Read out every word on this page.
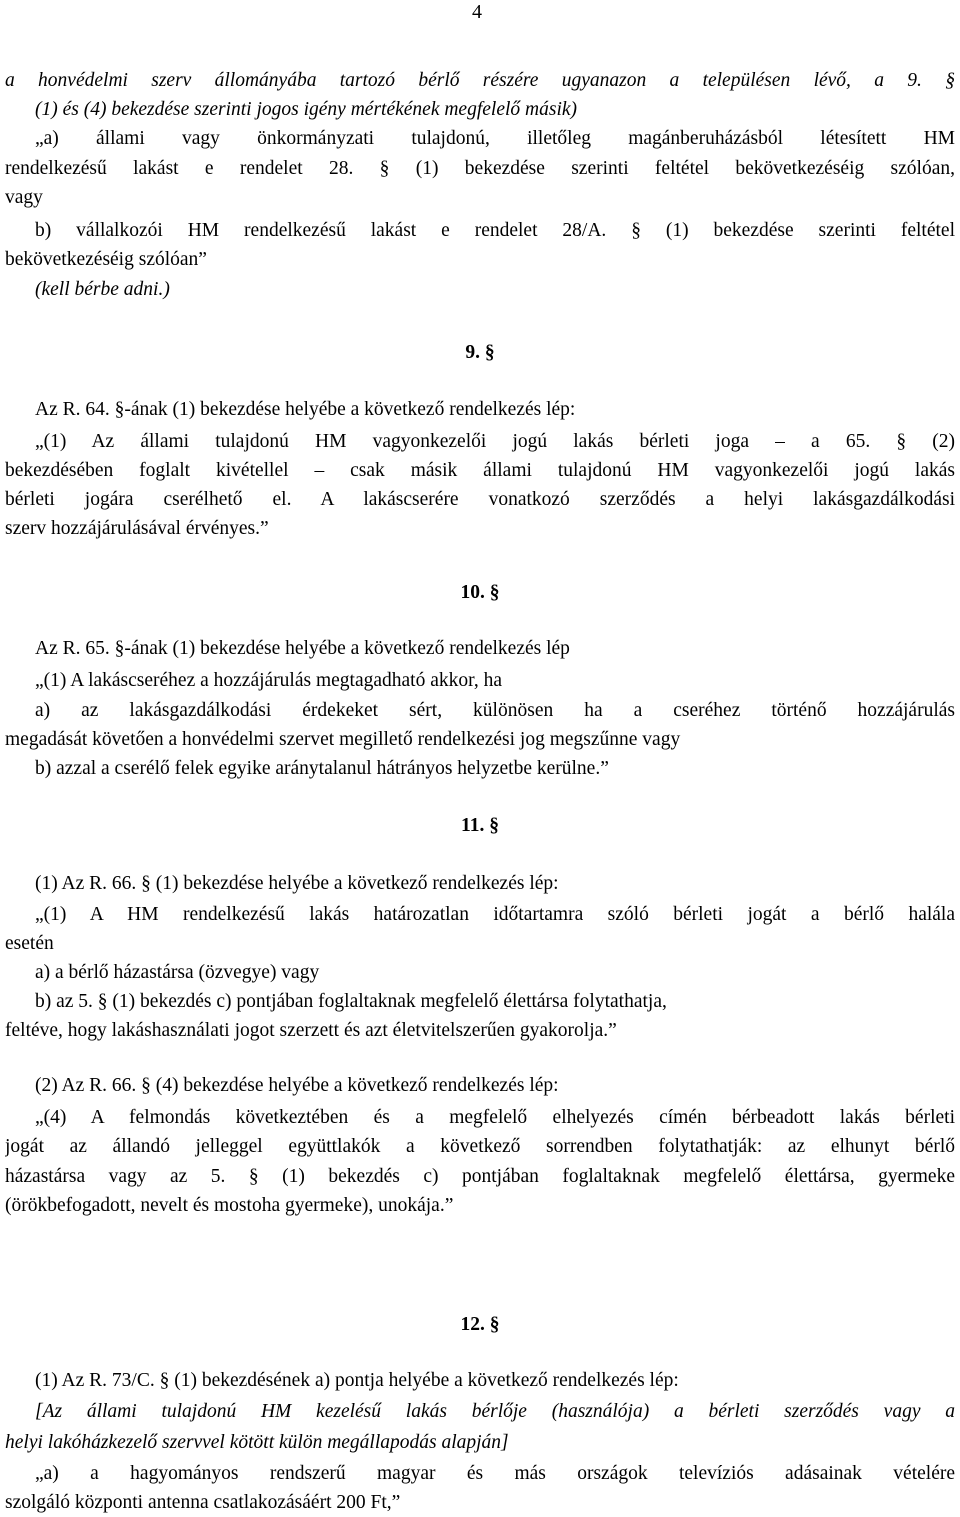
4
a honvédelmi szerv állományába tartozó bérlő részére ugyanazon a településen lévő, a 9. §
(1) és (4) bekezdése szerinti jogos igény mértékének megfelelő másik)
„a) állami vagy önkormányzati tulajdonú, illetőleg magánberuházásból létesített HM
rendelkezésű lakást e rendelet 28. § (1) bekezdése szerinti feltétel bekövetkezéséig szólóan,
vagy
b) vállalkozói HM rendelkezésű lakást e rendelet 28/A. § (1) bekezdése szerinti feltétel
bekövetkezéséig szólóan”
(kell bérbe adni.)
9. §
Az R. 64. §-ának (1) bekezdése helyébe a következő rendelkezés lép:
„(1) Az állami tulajdonú HM vagyonkezelői jogú lakás bérleti joga – a 65. § (2)
bekezdésében foglalt kivétellel – csak másik állami tulajdonú HM vagyonkezelői jogú lakás
bérleti jogára cserélhető el. A lakáscserére vonatkozó szerződés a helyi lakásgazdálkodási
szerv hozzájárulásával érvényes.”
10. §
Az R. 65. §-ának (1) bekezdése helyébe a következő rendelkezés lép
„(1) A lakáscseréhez a hozzájárulás megtagadható akkor, ha
a) az lakásgazdálkodási érdekeket sért, különösen ha a cseréhez történő hozzájárulás
megadását követően a honvédelmi szervet megillető rendelkezési jog megszűnne vagy
b) azzal a cserélő felek egyike aránytalanul hátrányos helyzetbe kerülne.”
11. §
(1) Az R. 66. § (1) bekezdése helyébe a következő rendelkezés lép:
„(1) A HM rendelkezésű lakás határozatlan időtartamra szóló bérleti jogát a bérlő halála
esetén
a) a bérlő házastársa (özvegye) vagy
b) az 5. § (1) bekezdés c) pontjában foglaltaknak megfelelő élettársa folytathatja,
feltéve, hogy lakáshasználati jogot szerzett és azt életvitelszerűen gyakorolja.”
(2) Az R. 66. § (4) bekezdése helyébe a következő rendelkezés lép:
„(4) A felmondás következtében és a megfelelő elhelyezés címén bérbeadott lakás bérleti
jogát az állandó jelleggel együttlakók a következő sorrendben folytathatják: az elhunyt bérlő
házastársa vagy az 5. § (1) bekezdés c) pontjában foglaltaknak megfelelő élettársa, gyermeke
(örökbefogadott, nevelt és mostoha gyermeke), unokája.”
12. §
(1) Az R. 73/C. § (1) bekezdésének a) pontja helyébe a következő rendelkezés lép:
[Az állami tulajdonú HM kezelésű lakás bérlője (használója) a bérleti szerződés vagy a
helyi lakóházkezelő szervvel kötött külön megállapodás alapján]
„a) a hagyományos rendszerű magyar és más országok televíziós adásainak vételére
szolgáló központi antenna csatlakozásáért 200 Ft,”
